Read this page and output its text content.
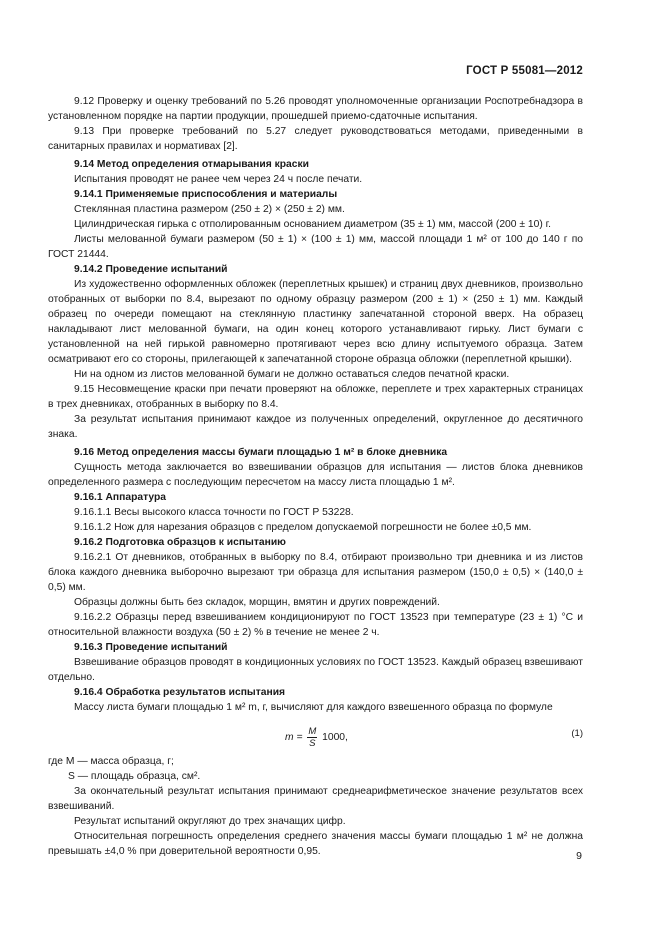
ГОСТ Р 55081—2012

9.12 Проверку и оценку требований по 5.26 проводят уполномоченные организации Роспотребнадзора в установленном порядке на партии продукции, прошедшей приемо-сдаточные испытания.

9.13 При проверке требований по 5.27 следует руководствоваться методами, приведенными в санитарных правилах и нормативах [2].

9.14 Метод определения отмарывания краски

Испытания проводят не ранее чем через 24 ч после печати.

9.14.1 Применяемые приспособления и материалы

Стеклянная пластина размером (250 ± 2) × (250 ± 2) мм.

Цилиндрическая гирька с отполированным основанием диаметром (35 ± 1) мм, массой (200 ± 10) г.

Листы мелованной бумаги размером (50 ± 1) × (100 ± 1) мм, массой площади 1 м² от 100 до 140 г по ГОСТ 21444.

9.14.2 Проведение испытаний

Из художественно оформленных обложек (переплетных крышек) и страниц двух дневников, произвольно отобранных от выборки по 8.4, вырезают по одному образцу размером (200 ± 1) × (250 ± 1) мм. Каждый образец по очереди помещают на стеклянную пластинку запечатанной стороной вверх. На образец накладывают лист мелованной бумаги, на один конец которого устанавливают гирьку. Лист бумаги с установленной на ней гирькой равномерно протягивают через всю длину испытуемого образца. Затем осматривают его со стороны, прилегающей к запечатанной стороне образца обложки (переплетной крышки).

Ни на одном из листов мелованной бумаги не должно оставаться следов печатной краски.

9.15 Несовмещение краски при печати проверяют на обложке, переплете и трех характерных страницах в трех дневниках, отобранных в выборку по 8.4.

За результат испытания принимают каждое из полученных определений, округленное до десятичного знака.

9.16 Метод определения массы бумаги площадью 1 м² в блоке дневника

Сущность метода заключается во взвешивании образцов для испытания — листов блока дневников определенного размера с последующим пересчетом на массу листа площадью 1 м².

9.16.1 Аппаратура

9.16.1.1 Весы высокого класса точности по ГОСТ Р 53228.

9.16.1.2 Нож для нарезания образцов с пределом допускаемой погрешности не более ±0,5 мм.

9.16.2 Подготовка образцов к испытанию

9.16.2.1 От дневников, отобранных в выборку по 8.4, отбирают произвольно три дневника и из листов блока каждого дневника выборочно вырезают три образца для испытания размером (150,0 ± 0,5) × (140,0 ± 0,5) мм.

Образцы должны быть без складок, морщин, вмятин и других повреждений.

9.16.2.2 Образцы перед взвешиванием кондиционируют по ГОСТ 13523 при температуре (23 ± 1) °С и относительной влажности воздуха (50 ± 2) % в течение не менее 2 ч.

9.16.3 Проведение испытаний

Взвешивание образцов проводят в кондиционных условиях по ГОСТ 13523. Каждый образец взвешивают отдельно.

9.16.4 Обработка результатов испытания

Массу листа бумаги площадью 1 м² m, г, вычисляют для каждого взвешенного образца по формуле

$m = \frac{M}{S} 1000$,	(1)

где M — масса образца, г;

S — площадь образца, см².

За окончательный результат испытания принимают среднеарифметическое значение результатов всех взвешиваний.

Результат испытаний округляют до трех значащих цифр.

Относительная погрешность определения среднего значения массы бумаги площадью 1 м² не должна превышать ±4,0 % при доверительной вероятности 0,95.	9
